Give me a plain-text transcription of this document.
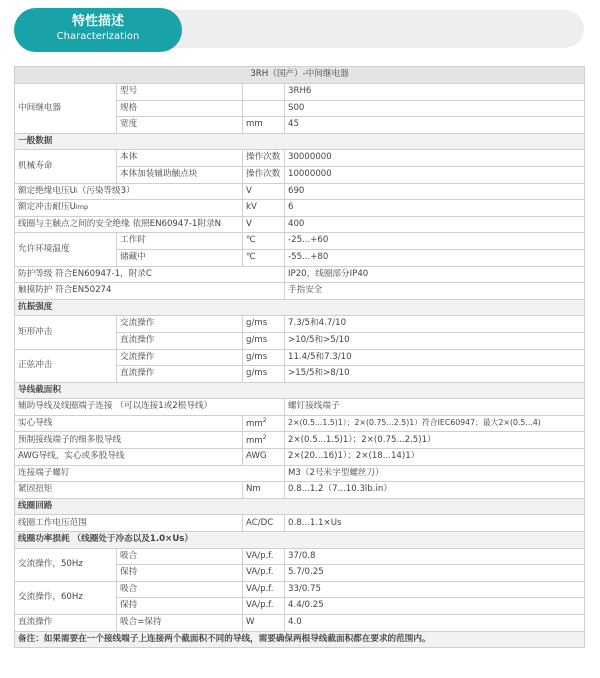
特性描述
Characterization
3RH（国产）-中间继电器			
中间继电器	型号		3RH6
	规格		S00
	宽度	mm	45
一般数据			
机械寿命	本体	操作次数	30000000
	本体加装辅助触点块	操作次数	10000000
额定绝缘电压Ui（污染等级3）		V	690
额定冲击耐压Uimp		kV	6
线圈与主触点之间的安全绝缘 依照EN60947-1附录N		V	400
允许环境温度	工作时	℃	-25...+60
	储藏中	℃	-55...+80
防护等级 符合EN60947-1，附录C			IP20，线圈部分IP40
触摸防护 符合EN50274			手指安全
抗振强度			
矩形冲击	交流操作	g/ms	7.3/5和4.7/10
	直流操作	g/ms	>10/5和>5/10
正弦冲击	交流操作	g/ms	11.4/5和7.3/10
	直流操作	g/ms	>15/5和>8/10
导线截面积			
辅助导线及线圈端子连接 （可以连接1或2根导线）			螺钉接线端子
实心导线		$mm^2$	2×(0.5...1.5)1）；2×(0.75...2.5)1）符合IEC60947；最大2×(0.5...4)
预制接线端子的细多股导线		$mm^2$	2×(0.5...1.5)1）；2×(0.75...2.5)1）
AWG导线，实心或多股导线		AWG	2×(20...16)1）；2×(18...14)1）
连接端子螺钉			M3（2号米字型螺丝刀）
紧固扭矩		Nm	0.8...1.2（7...10.3lb.in）
线圈回路			
线圈工作电压范围		AC/DC	0.8...1.1×Us
线圈功率损耗 （线圈处于冷态以及1.0×Us）			
交流操作，50Hz	吸合	VA/p.f.	37/0.8
	保持	VA/p.f.	5.7/0.25
交流操作，60Hz	吸合	VA/p.f.	33/0.75
	保持	VA/p.f.	4.4/0.25
直流操作	吸合=保持	W	4.0
备注：如果需要在一个接线端子上连接两个截面积不同的导线，需要确保两根导线截面积都在要求的范围内。			
